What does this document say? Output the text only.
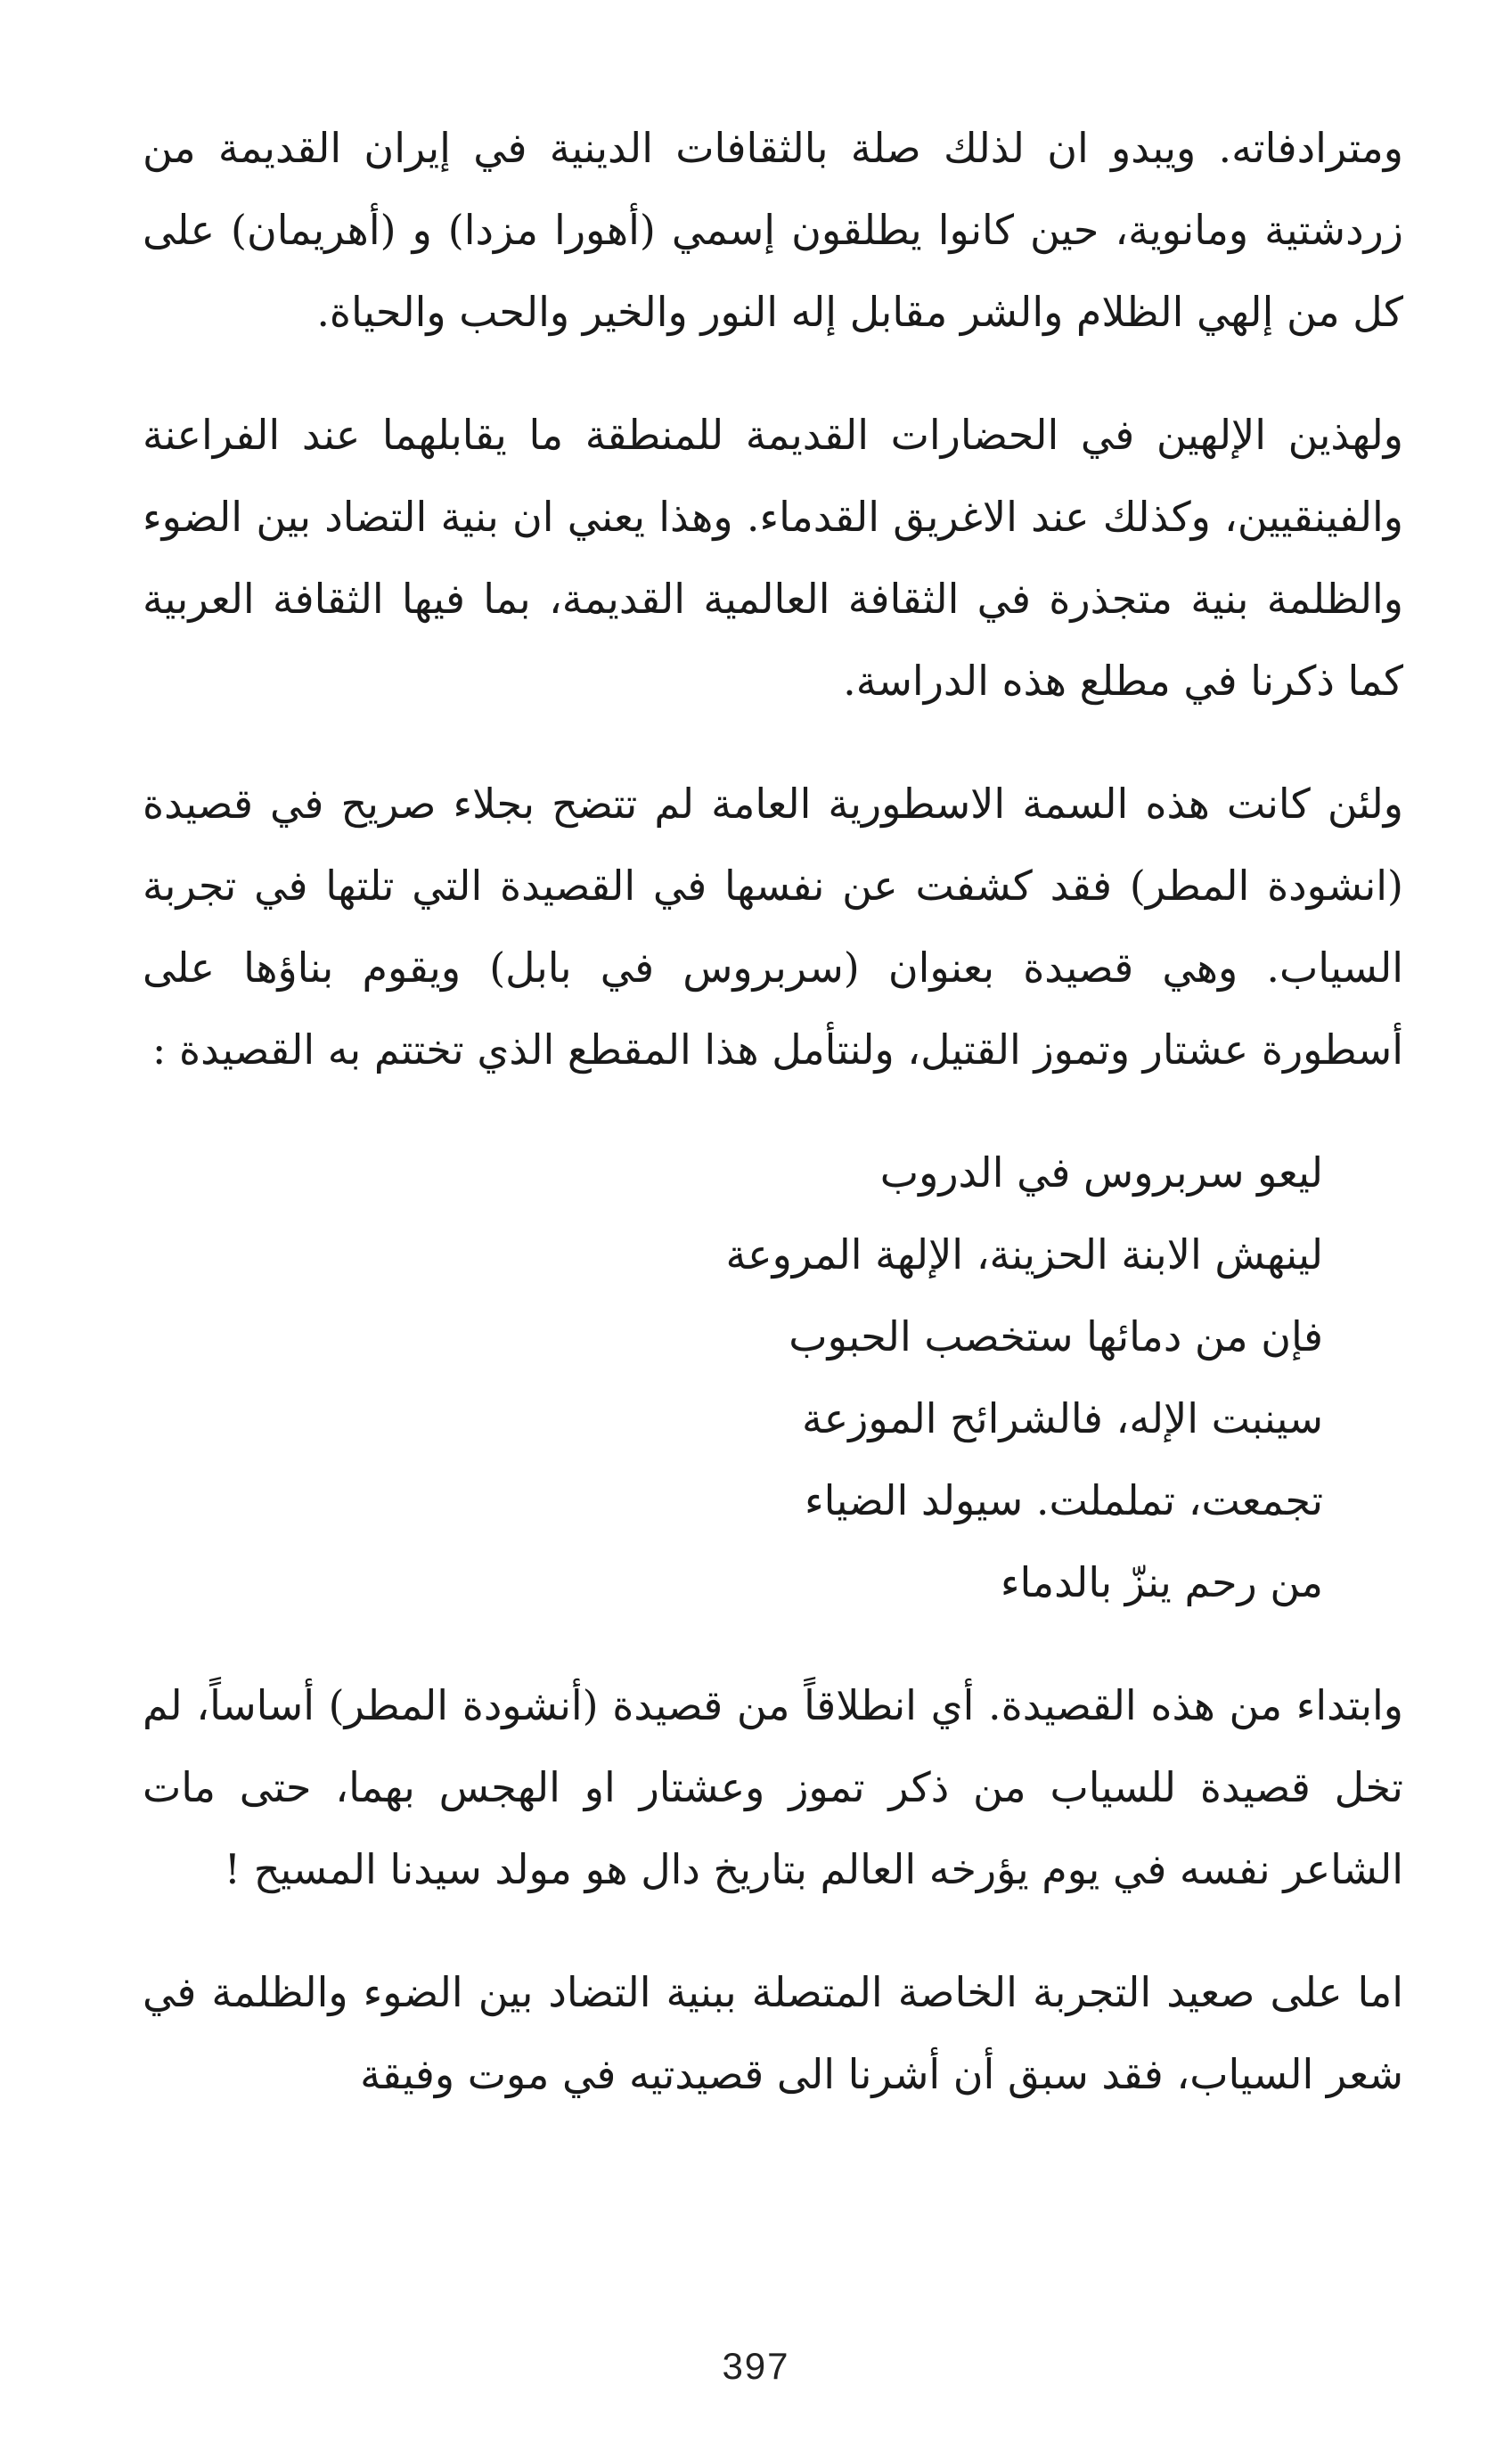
ومترادفاته. ويبدو ان لذلك صلة بالثقافات الدينية في إيران القديمة من زردشتية ومانوية، حين كانوا يطلقون إسمي (أهورا مزدا) و (أهريمان) على كل من إلهي الظلام والشر مقابل إله النور والخير والحب والحياة.

ولهذين الإلهين في الحضارات القديمة للمنطقة ما يقابلهما عند الفراعنة والفينقيين، وكذلك عند الاغريق القدماء. وهذا يعني ان بنية التضاد بين الضوء والظلمة بنية متجذرة في الثقافة العالمية القديمة، بما فيها الثقافة العربية كما ذكرنا في مطلع هذه الدراسة.

ولئن كانت هذه السمة الاسطورية العامة لم تتضح بجلاء صريح في قصيدة (انشودة المطر) فقد كشفت عن نفسها في القصيدة التي تلتها في تجربة السياب. وهي قصيدة بعنوان (سربروس في بابل) ويقوم بناؤها على أسطورة عشتار وتموز القتيل، ولنتأمل هذا المقطع الذي تختتم به القصيدة :

ليعو سربروس في الدروب
لينهش الابنة الحزينة، الإلهة المروعة
فإن من دمائها ستخصب الحبوب
سينبت الإله، فالشرائح الموزعة
تجمعت، تململت. سيولد الضياء
من رحم ينزّ بالدماء

وابتداء من هذه القصيدة. أي انطلاقاً من قصيدة (أنشودة المطر) أساساً، لم تخل قصيدة للسياب من ذكر تموز وعشتار او الهجس بهما، حتى مات الشاعر نفسه في يوم يؤرخه العالم بتاريخ دال هو مولد سيدنا المسيح !

اما على صعيد التجربة الخاصة المتصلة ببنية التضاد بين الضوء والظلمة في شعر السياب، فقد سبق أن أشرنا الى قصيدتيه في موت وفيقة

397
